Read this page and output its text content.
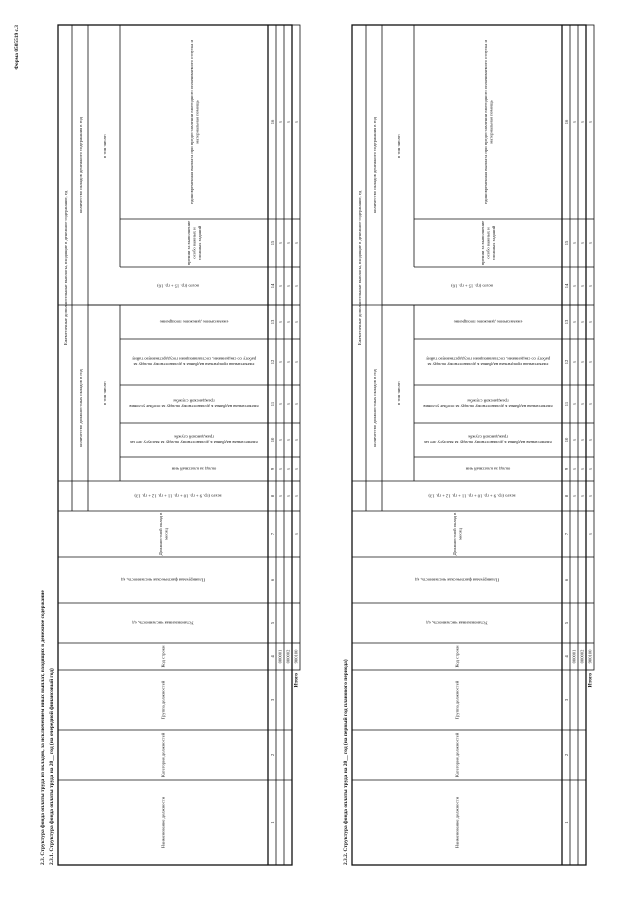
Форма 0505519 с.3
2.3. Структура фонда оплаты труда из вкладов, за исключением иных выплат, входящих в денежное содержание 2.3.1. Структура фонда оплаты труда на 20__ год (на очередной финансовый год)	Наименование должности
Категория должностей
Группа должностей
Код строки
Установленная численность, ед
Планируемая фактическая численность, ед
Должностной оклад вмесяц
Ежемесячные дополнительные выплаты, входящие в денежное содержание, ед
количество должностных окладов в год
количество окладов денежного содержания в год
в том числе:
в том числе:
всего (гр. 9 + гр. 10 + гр. 11 + гр. 12 + гр. 13)
оклад за классный чин
ежемесячная надбавка к должностному окладу за выслугу лет награжданской службе
ежемесячная надбавка к должностному окладу за особые условиягражданской службы
ежемесячная процентная надбавка к должностному окладу заработу со сведениями, составляющими государственную тайну
ежемесячное денежное поощрение
всего (гр. 15 + гр. 16)
премии за выполнениеособо важных исложных заданий
единовременная выплата при предоставлении ежегодного оплачиваемого отпуска иматериальная помощь
1
2
3
4
5
6
7
8
9
10
11
12
13
14
15
16
000001 000002
x x
x x
x x
x x
x x
x x
x x
x x
x x
Итого
900100
x
x
x
x
x
x
x
x
x
x
2.3.2. Структура фонда оплаты труда на 20__ год (на первый год планового периода)	Наименование должности
Категория должностей
Группа должностей
Код строки
Установленная численность, ед
Планируемая фактическая численность, ед
Должностной оклад вмесяц
Ежемесячные дополнительные выплаты, входящие в денежное содержание, ед
количество должностных окладов в год
количество окладов денежного содержания в год
в том числе:
в том числе:
всего (гр. 9 + гр. 10 + гр. 11 + гр. 12 + гр. 13)
оклад за классный чин
ежемесячная надбавка к должностному окладу за выслугу лет награжданской службе
ежемесячная надбавка к должностному окладу за особые условиягражданской службы
ежемесячная процентная надбавка к должностному окладу заработу со сведениями, составляющими государственную тайну
ежемесячное денежное поощрение
всего (гр. 15 + гр. 16)
премии за выполнениеособо важных исложных заданий
единовременная выплата при предоставлении ежегодного оплачиваемого отпуска иматериальная помощь
1
2
3
4
5
6
7
8
9
10
11
12
13
14
15
16
000001 000002
x x
x x
x x
x x
x x
x x
x x
x x
x x
Итого
900100
x
x
x
x
x
x
x
x
x
x
